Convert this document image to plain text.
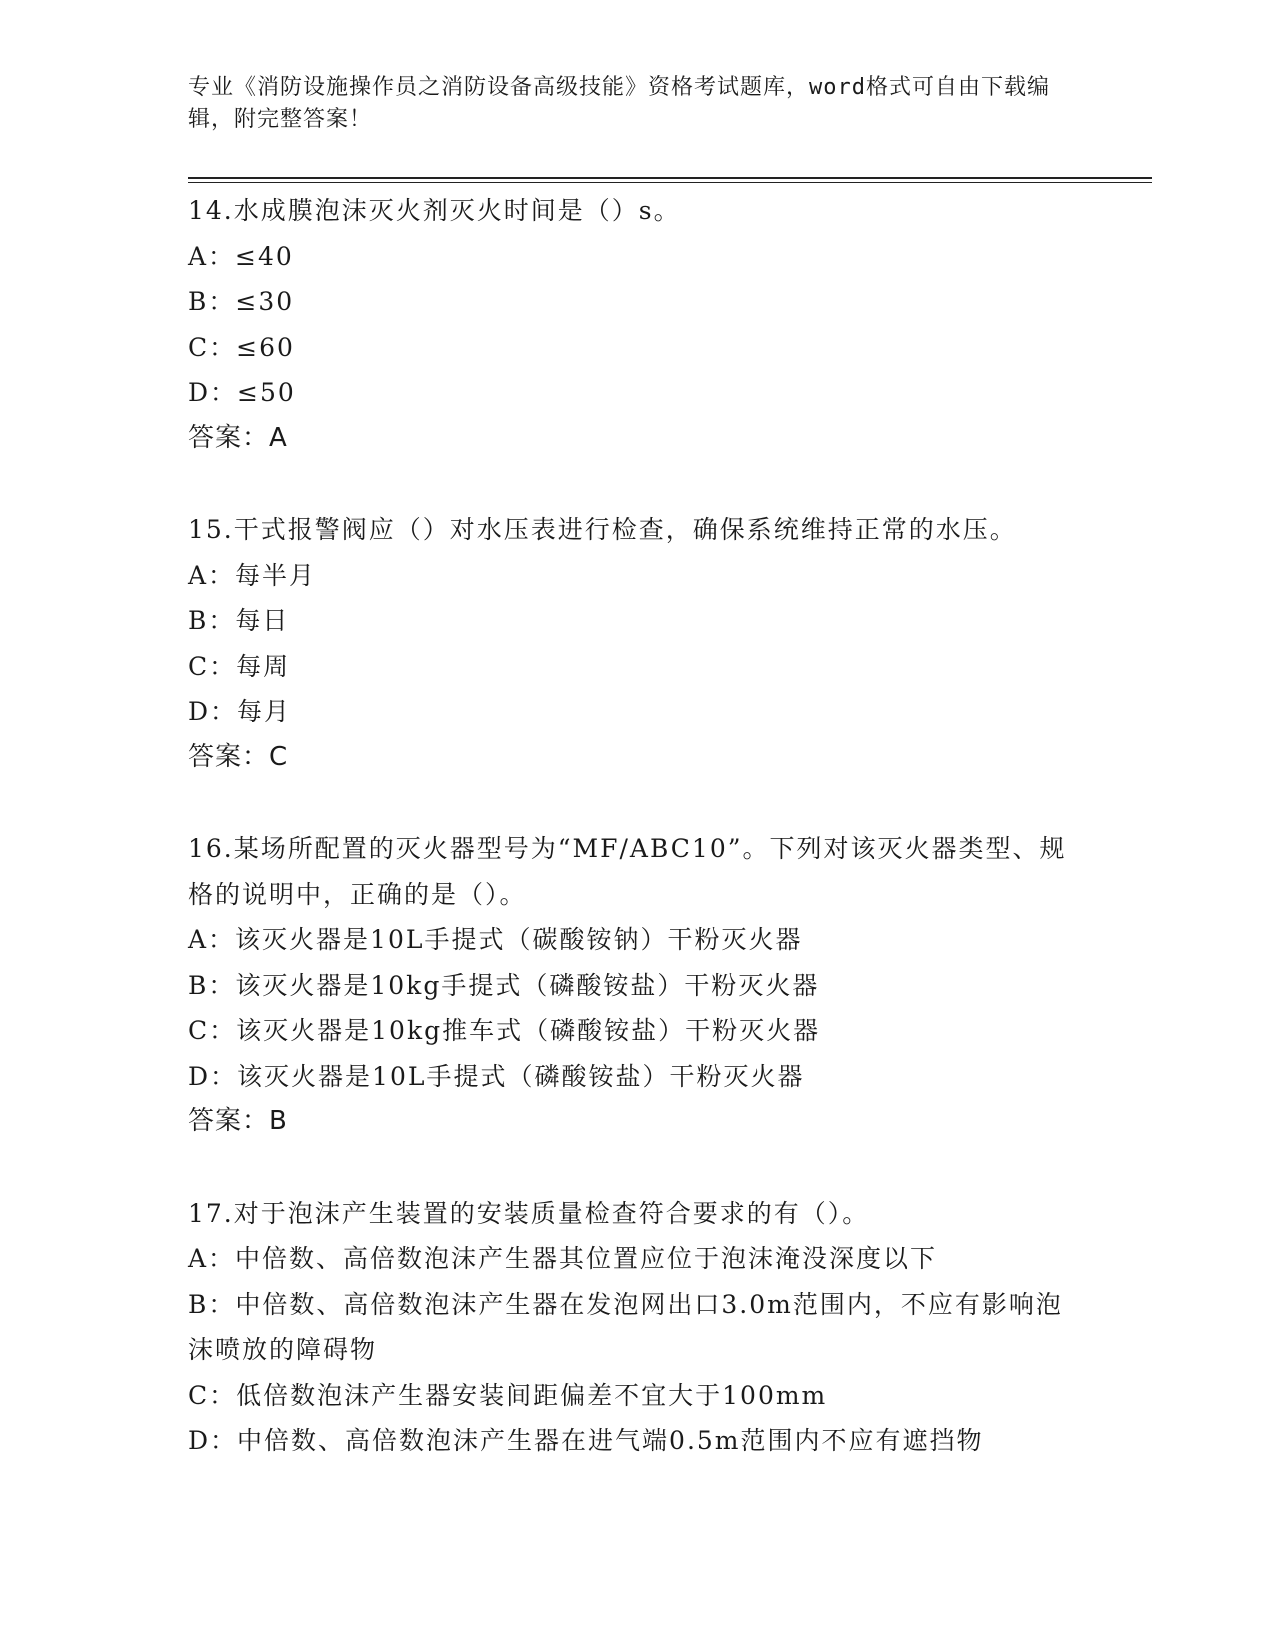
专业《消防设施操作员之消防设备高级技能》资格考试题库，word格式可自由下载编辑，附完整答案！

14.水成膜泡沫灭火剂灭火时间是（）s。

A：≤40

B：≤30

C：≤60

D：≤50

答案：A

15.干式报警阀应（）对水压表进行检查，确保系统维持正常的水压。

A：每半月

B：每日

C：每周

D：每月

答案：C

16.某场所配置的灭火器型号为“MF/ABC10”。下列对该灭火器类型、规格的说明中，正确的是（）。

A：该灭火器是10L手提式（碳酸铵钠）干粉灭火器

B：该灭火器是10kg手提式（磷酸铵盐）干粉灭火器

C：该灭火器是10kg推车式（磷酸铵盐）干粉灭火器

D：该灭火器是10L手提式（磷酸铵盐）干粉灭火器

答案：B

17.对于泡沫产生装置的安装质量检查符合要求的有（）。

A：中倍数、高倍数泡沫产生器其位置应位于泡沫淹没深度以下

B：中倍数、高倍数泡沫产生器在发泡网出口3.0m范围内，不应有影响泡沫喷放的障碍物

C：低倍数泡沫产生器安装间距偏差不宜大于100mm

D：中倍数、高倍数泡沫产生器在进气端0.5m范围内不应有遮挡物
